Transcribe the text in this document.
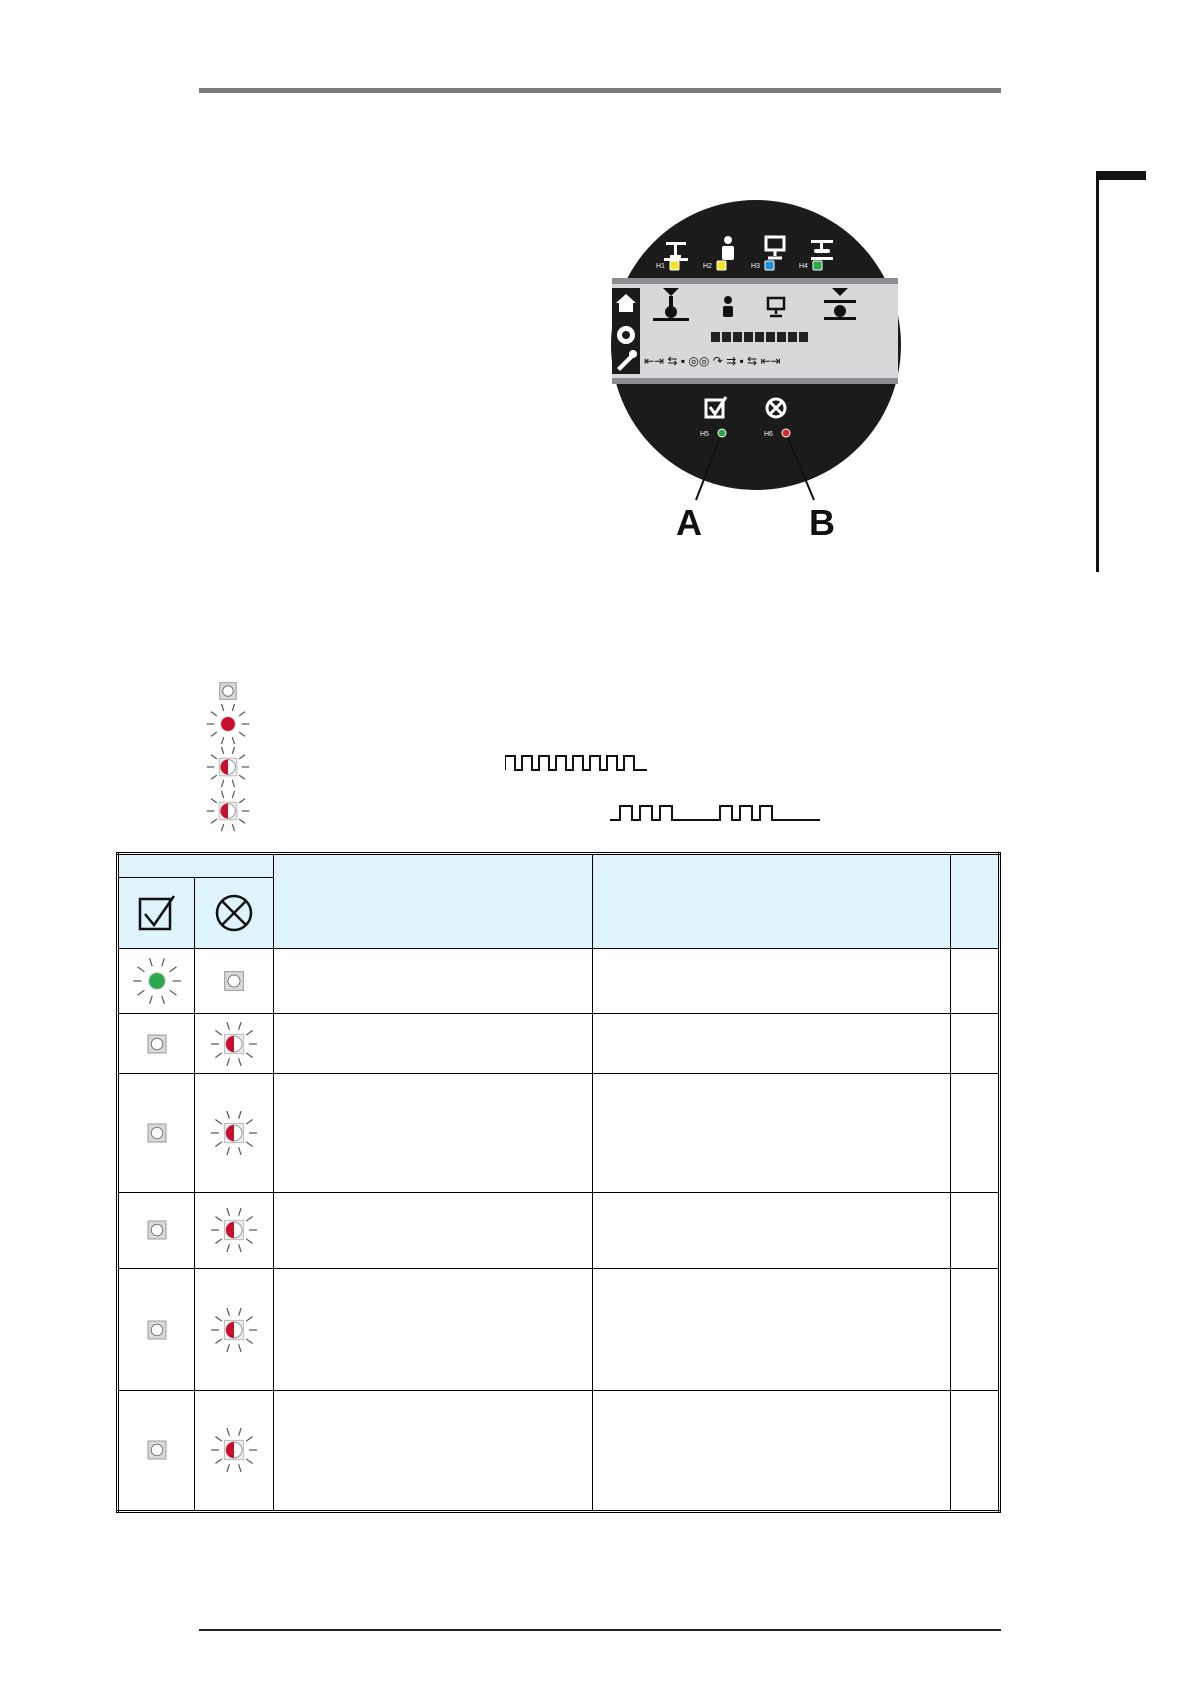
H1	H2	H3	H4
⇤⇥ ⇆ ▪ ◎◎ ↷ ⇉ ▪ ⇆ ⇤⇥
H5	H6
A	B
